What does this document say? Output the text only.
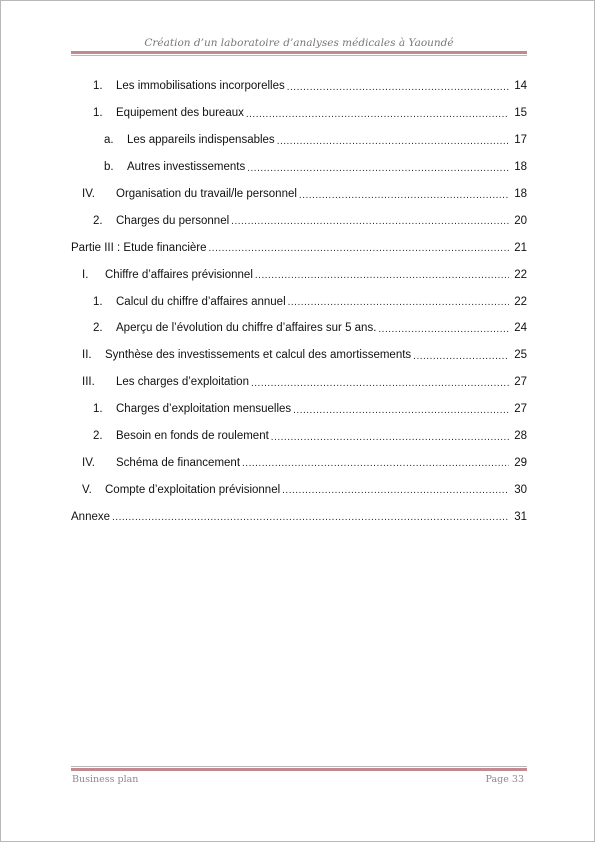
Création d’un laboratoire d’analyses médicales à Yaoundé
1.	Les immobilisations incorporelles .....	14
1.	Equipement des bureaux .....	15
a.	Les appareils indispensables .....	17
b.	Autres investissements .....	18
IV.	Organisation du travail/le personnel .....	18
2.	Charges du personnel .....	20
Partie III : Etude financière .....	21
I.	Chiffre d’affaires prévisionnel .....	22
1.	Calcul du chiffre d’affaires annuel .....	22
2.	Aperçu de l’évolution du chiffre d’affaires sur 5 ans. .....	24
II.	Synthèse des investissements et calcul des amortissements .....	25
III.	Les charges d’exploitation .....	27
1.	Charges d’exploitation mensuelles .....	27
2.	Besoin en fonds de roulement .....	28
IV.	Schéma de financement .....	29
V.	Compte d’exploitation prévisionnel .....	30
Annexe .....	31
Business plan	Page 33
